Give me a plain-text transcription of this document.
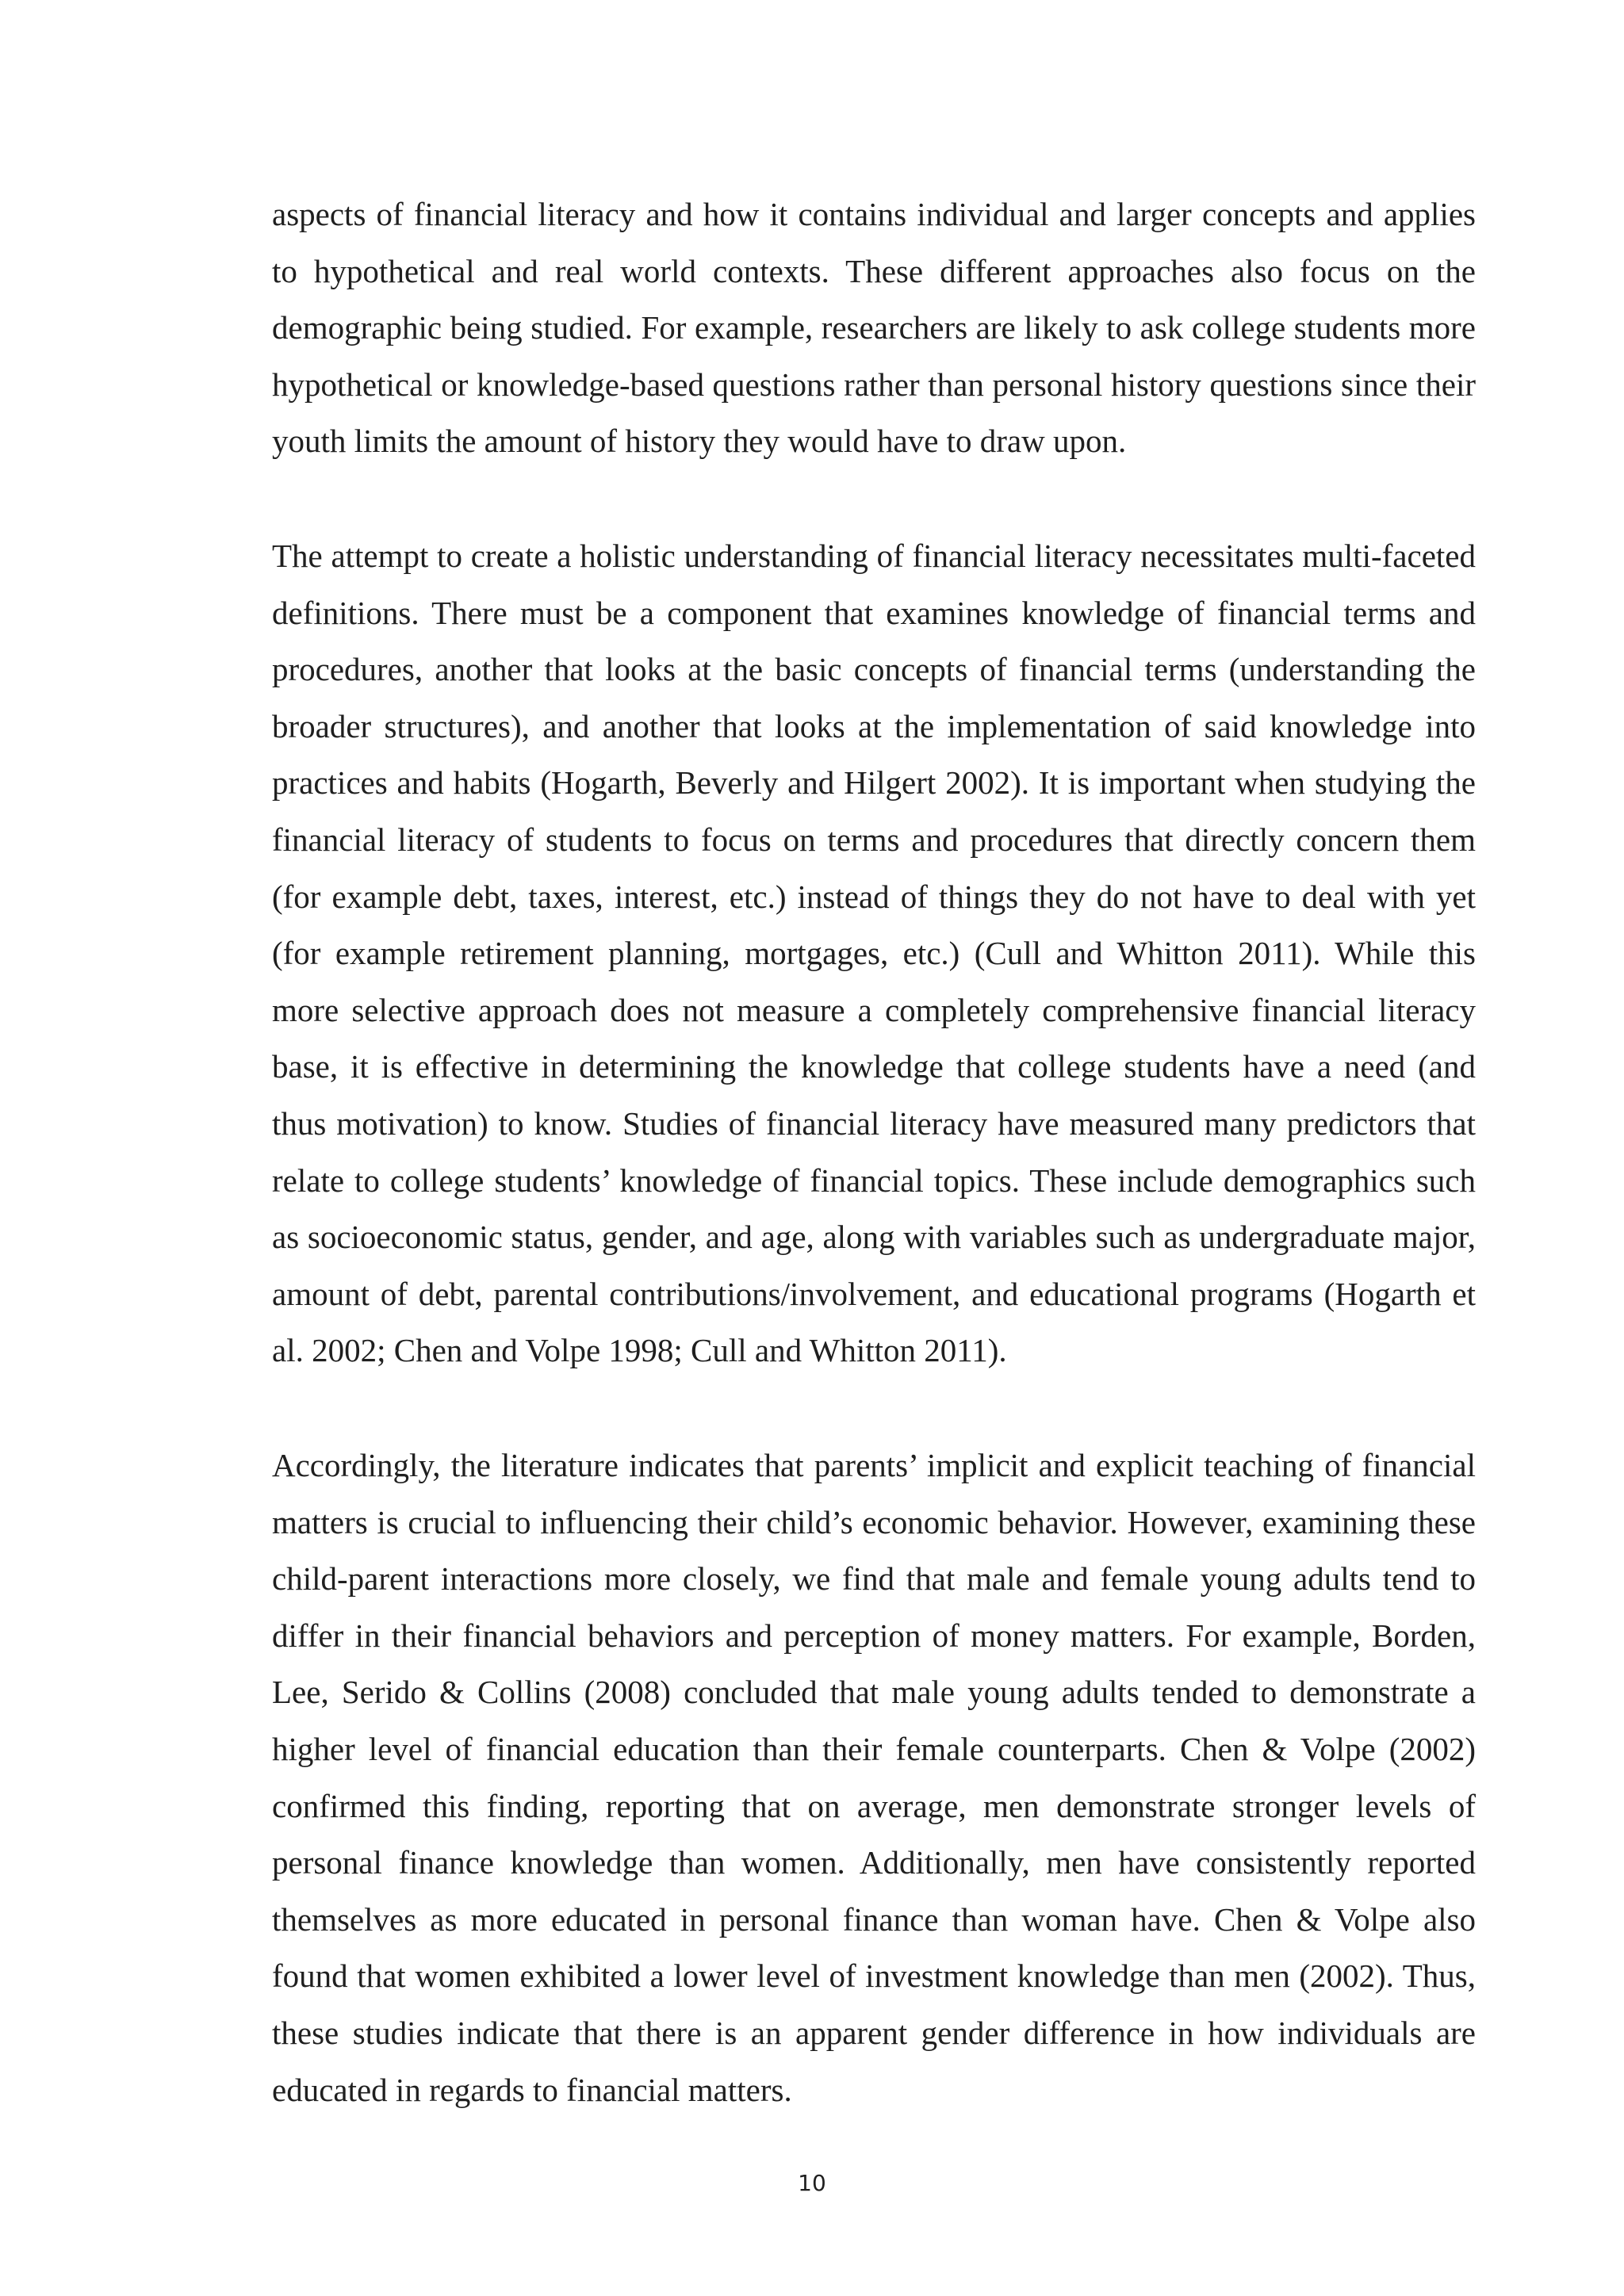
aspects of financial literacy and how it contains individual and larger concepts and applies to hypothetical and real world contexts. These different approaches also focus on the demographic being studied. For example, researchers are likely to ask college students more hypothetical or knowledge-based questions rather than personal history questions since their youth limits the amount of history they would have to draw upon.

The attempt to create a holistic understanding of financial literacy necessitates multi-faceted definitions. There must be a component that examines knowledge of financial terms and procedures, another that looks at the basic concepts of financial terms (understanding the broader structures), and another that looks at the implementation of said knowledge into practices and habits (Hogarth, Beverly and Hilgert 2002). It is important when studying the financial literacy of students to focus on terms and procedures that directly concern them (for example debt, taxes, interest, etc.) instead of things they do not have to deal with yet (for example retirement planning, mortgages, etc.) (Cull and Whitton 2011). While this more selective approach does not measure a completely comprehensive financial literacy base, it is effective in determining the knowledge that college students have a need (and thus motivation) to know. Studies of financial literacy have measured many predictors that relate to college students’ knowledge of financial topics. These include demographics such as socioeconomic status, gender, and age, along with variables such as undergraduate major, amount of debt, parental contributions/involvement, and educational programs (Hogarth et al. 2002; Chen and Volpe 1998; Cull and Whitton 2011).

Accordingly, the literature indicates that parents’ implicit and explicit teaching of financial matters is crucial to influencing their child’s economic behavior. However, examining these child-parent interactions more closely, we find that male and female young adults tend to differ in their financial behaviors and perception of money matters. For example, Borden, Lee, Serido & Collins (2008) concluded that male young adults tended to demonstrate a higher level of financial education than their female counterparts. Chen & Volpe (2002) confirmed this finding, reporting that on average, men demonstrate stronger levels of personal finance knowledge than women. Additionally, men have consistently reported themselves as more educated in personal finance than woman have. Chen & Volpe also found that women exhibited a lower level of investment knowledge than men (2002). Thus, these studies indicate that there is an apparent gender difference in how individuals are educated in regards to financial matters.

10
